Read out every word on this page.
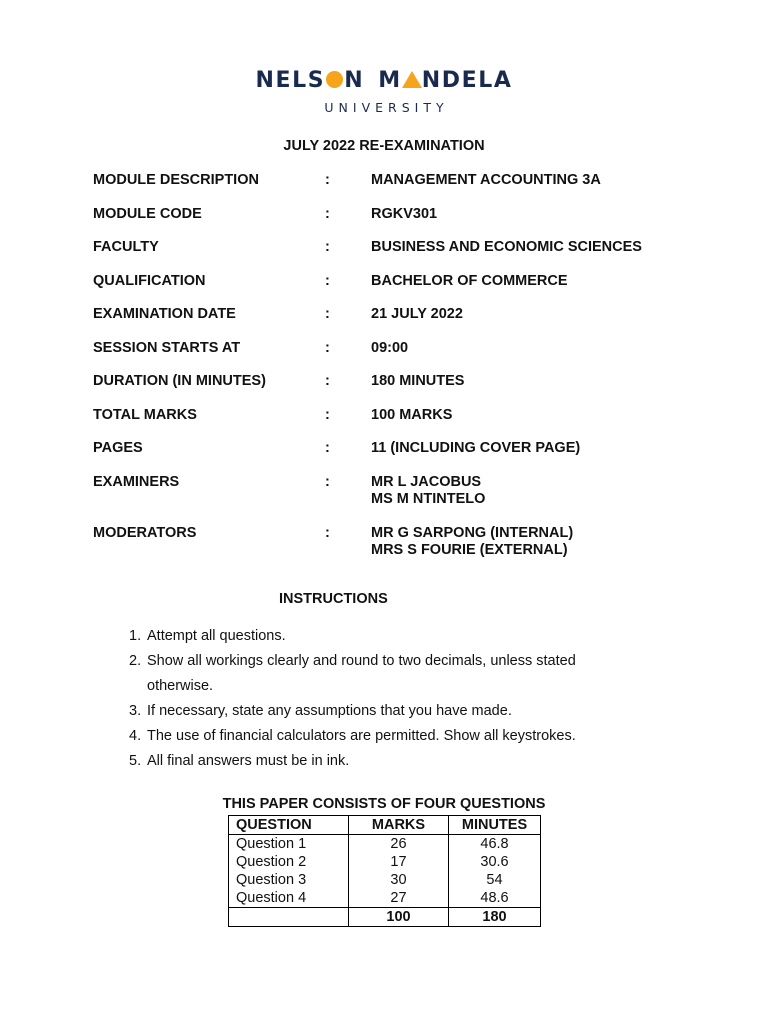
NELS N M NDELA
UNIVERSITY
JULY 2022 RE-EXAMINATION
MODULE DESCRIPTION	:	MANAGEMENT ACCOUNTING 3A
MODULE CODE	:	RGKV301
FACULTY	:	BUSINESS AND ECONOMIC SCIENCES
QUALIFICATION	:	BACHELOR OF COMMERCE
EXAMINATION DATE	:	21 JULY 2022
SESSION STARTS AT	:	09:00
DURATION (IN MINUTES)	:	180 MINUTES
TOTAL MARKS	:	100 MARKS
PAGES	:	11 (INCLUDING COVER PAGE)
EXAMINERS	:	MR L JACOBUS
MS M NTINTELO
MODERATORS	:	MR G SARPONG (INTERNAL)
MRS S FOURIE (EXTERNAL)
INSTRUCTIONS
1. Attempt all questions.
2. Show all workings clearly and round to two decimals, unless stated otherwise.
3. If necessary, state any assumptions that you have made.
4. The use of financial calculators are permitted. Show all keystrokes.
5. All final answers must be in ink.
THIS PAPER CONSISTS OF FOUR QUESTIONS
QUESTION	MARKS	MINUTES
Question 1	26	46.8
Question 2	17	30.6
Question 3	30	54
Question 4	27	48.6
	100	180
